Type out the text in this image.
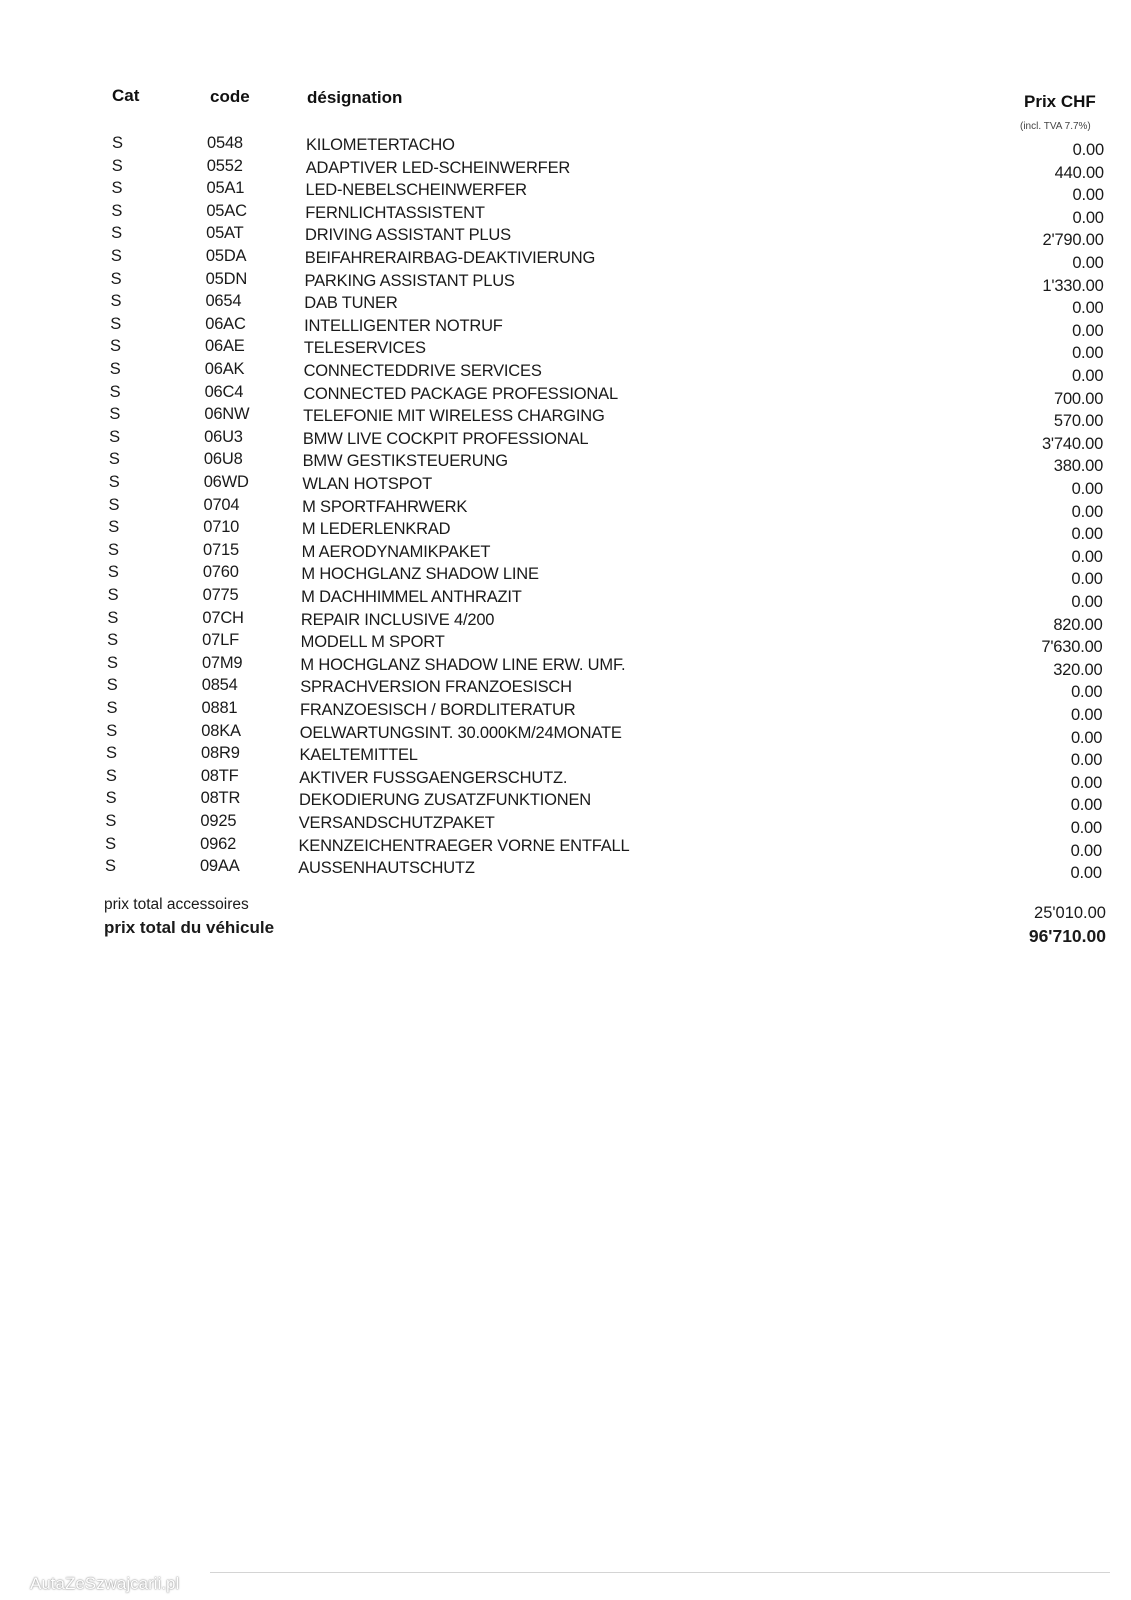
Cat	code	désignation	Prix CHF
(incl. TVA 7.7%)
S	0548	KILOMETERTACHO	0.00
S	0552	ADAPTIVER LED-SCHEINWERFER	440.00
S	05A1	LED-NEBELSCHEINWERFER	0.00
S	05AC	FERNLICHTASSISTENT	0.00
S	05AT	DRIVING ASSISTANT PLUS	2'790.00
S	05DA	BEIFAHRERAIRBAG-DEAKTIVIERUNG	0.00
S	05DN	PARKING ASSISTANT PLUS	1'330.00
S	0654	DAB TUNER	0.00
S	06AC	INTELLIGENTER NOTRUF	0.00
S	06AE	TELESERVICES	0.00
S	06AK	CONNECTEDDRIVE SERVICES	0.00
S	06C4	CONNECTED PACKAGE PROFESSIONAL	700.00
S	06NW	TELEFONIE MIT WIRELESS CHARGING	570.00
S	06U3	BMW LIVE COCKPIT PROFESSIONAL	3'740.00
S	06U8	BMW GESTIKSTEUERUNG	380.00
S	06WD	WLAN HOTSPOT	0.00
S	0704	M SPORTFAHRWERK	0.00
S	0710	M LEDERLENKRAD	0.00
S	0715	M AERODYNAMIKPAKET	0.00
S	0760	M HOCHGLANZ SHADOW LINE	0.00
S	0775	M DACHHIMMEL ANTHRAZIT	0.00
S	07CH	REPAIR INCLUSIVE 4/200	820.00
S	07LF	MODELL M SPORT	7'630.00
S	07M9	M HOCHGLANZ SHADOW LINE ERW. UMF.	320.00
S	0854	SPRACHVERSION FRANZOESISCH	0.00
S	0881	FRANZOESISCH / BORDLITERATUR	0.00
S	08KA	OELWARTUNGSINT. 30.000KM/24MONATE	0.00
S	08R9	KAELTEMITTEL	0.00
S	08TF	AKTIVER FUSSGAENGERSCHUTZ.	0.00
S	08TR	DEKODIERUNG ZUSATZFUNKTIONEN	0.00
S	0925	VERSANDSCHUTZPAKET	0.00
S	0962	KENNZEICHENTRAEGER VORNE ENTFALL	0.00
S	09AA	AUSSENHAUTSCHUTZ	0.00
prix total accessoires	25'010.00
prix total du véhicule	96'710.00
AutaZeSzwajcarii.pl
